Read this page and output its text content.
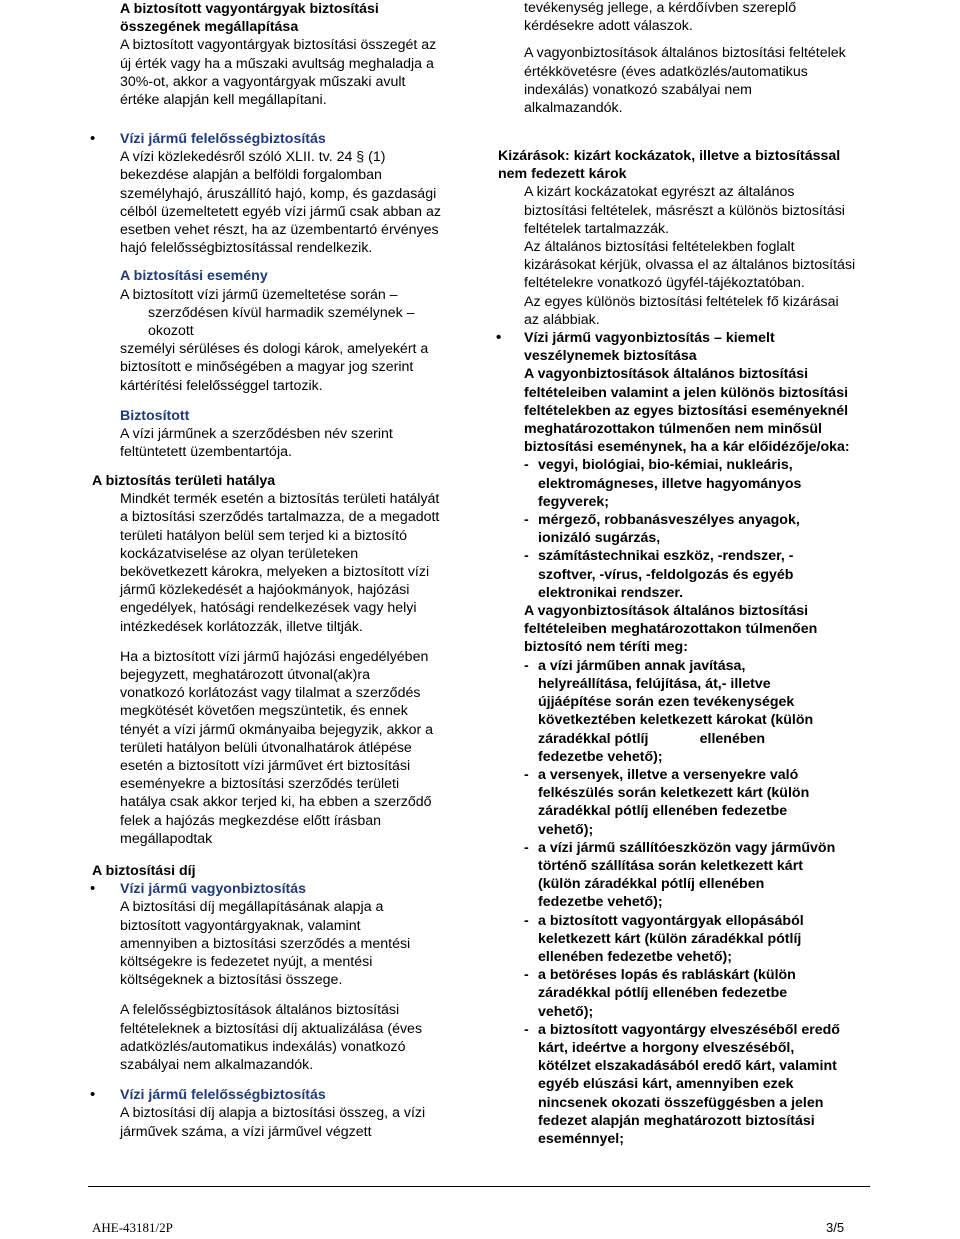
A biztosított vagyontárgyak biztosítási
összegének megállapítása
A biztosított vagyontárgyak biztosítási összegét az
új érték vagy ha a műszaki avultság meghaladja a
30%-ot, akkor a vagyontárgyak műszaki avult
értéke alapján kell megállapítani.
• Vízi jármű felelősségbiztosítás
A vízi közlekedésről szóló XLII. tv. 24 § (1)
bekezdése alapján a belföldi forgalomban
személyhajó, áruszállító hajó, komp, és gazdasági
célból üzemeltetett egyéb vízi jármű csak abban az
esetben vehet részt, ha az üzembentartó érvényes
hajó felelősségbiztosítással rendelkezik.
A biztosítási esemény
A biztosított vízi jármű üzemeltetése során –
szerződésen kívül harmadik személynek – okozott
személyi sérüléses és dologi károk, amelyekért a
biztosított e minőségében a magyar jog szerint
kártérítési felelősséggel tartozik.
Biztosított
A vízi járműnek a szerződésben név szerint
feltüntetett üzembentartója.
A biztosítás területi hatálya
Mindkét termék esetén a biztosítás területi hatályát
a biztosítási szerződés tartalmazza, de a megadott
területi hatályon belül sem terjed ki a biztosító
kockázatviselése az olyan területeken
bekövetkezett károkra, melyeken a biztosított vízi
jármű közlekedését a hajóokmányok, hajózási
engedélyek, hatósági rendelkezések vagy helyi
intézkedések korlátozzák, illetve tiltják.
Ha a biztosított vízi jármű hajózási engedélyében
bejegyzett, meghatározott útvonal(ak)ra
vonatkozó korlátozást vagy tilalmat a szerződés
megkötését követően megszüntetik, és ennek
tényét a vízi jármű okmányaiba bejegyzik, akkor a
területi hatályon belüli útvonalhatárok átlépése
esetén a biztosított vízi járművet ért biztosítási
eseményekre a biztosítási szerződés területi
hatálya csak akkor terjed ki, ha ebben a szerződő
felek a hajózás megkezdése előtt írásban
megállapodtak
A biztosítási díj
• Vízi jármű vagyonbiztosítás
A biztosítási díj megállapításának alapja a
biztosított vagyontárgyaknak, valamint
amennyiben a biztosítási szerződés a mentési
költségekre is fedezetet nyújt, a mentési
költségeknek a biztosítási összege.
A felelősségbiztosítások általános biztosítási
feltételeknek a biztosítási díj aktualizálása (éves
adatközlés/automatikus indexálás) vonatkozó
szabályai nem alkalmazandók.
• Vízi jármű felelősségbiztosítás
A biztosítási díj alapja a biztosítási összeg, a vízi
járművek száma, a vízi járművel végzett
tevékenység jellege, a kérdőívben szereplő
kérdésekre adott válaszok.
A vagyonbiztosítások általános biztosítási feltételek
értékkövetésre (éves adatközlés/automatikus
indexálás) vonatkozó szabályai nem
alkalmazandók.
Kizárások: kizárt kockázatok, illetve a biztosítással
nem fedezett károk
A kizárt kockázatokat egyrészt az általános
biztosítási feltételek, másrészt a különös biztosítási
feltételek tartalmazzák.
Az általános biztosítási feltételekben foglalt
kizárásokat kérjük, olvassa el az általános biztosítási
feltételekre vonatkozó ügyfél-tájékoztatóban.
Az egyes különös biztosítási feltételek fő kizárásai
az alábbiak.
• Vízi jármű vagyonbiztosítás – kiemelt
veszélynemek biztosítása
A vagyonbiztosítások általános biztosítási
feltételeiben valamint a jelen különös biztosítási
feltételekben az egyes biztosítási eseményeknél
meghatározottakon túlmenően nem minősül
biztosítási eseménynek, ha a kár előidézője/oka:
- vegyi, biológiai, bio-kémiai, nukleáris,
elektromágneses, illetve hagyományos
fegyverek;
- mérgező, robbanásveszélyes anyagok,
ionizáló sugárzás,
- számítástechnikai eszköz, -rendszer, -
szoftver, -vírus, -feldolgozás és egyéb
elektronikai rendszer.
A vagyonbiztosítások általános biztosítási
feltételeiben meghatározottakon túlmenően
biztosító nem téríti meg:
- a vízi járműben annak javítása,
helyreállítása, felújítása, át,- illetve
újjáépítése során ezen tevékenységek
következtében keletkezett károkat (külön
záradékkal pótlíj             ellenében
fedezetbe vehető);
- a versenyek, illetve a versenyekre való
felkészülés során keletkezett kárt (külön
záradékkal pótlíj ellenében fedezetbe
vehető);
- a vízi jármű szállítóeszközön vagy járművön
történő szállítása során keletkezett kárt
(külön záradékkal pótlíj ellenében
fedezetbe vehető);
- a biztosított vagyontárgyak ellopásából
keletkezett kárt (külön záradékkal pótlíj
ellenében fedezetbe vehető);
- a betöréses lopás és rabláskárt (külön
záradékkal pótlíj ellenében fedezetbe
vehető);
- a biztosított vagyontárgy elveszéséből eredő
kárt, ideértve a horgony elveszéséből,
kötélzet elszakadásából eredő kárt, valamint
egyéb elúszási kárt, amennyiben ezek
nincsenek okozati összefüggésben a jelen
fedezet alapján meghatározott biztosítási
eseménnyel;
AHE-43181/2P	3/5
